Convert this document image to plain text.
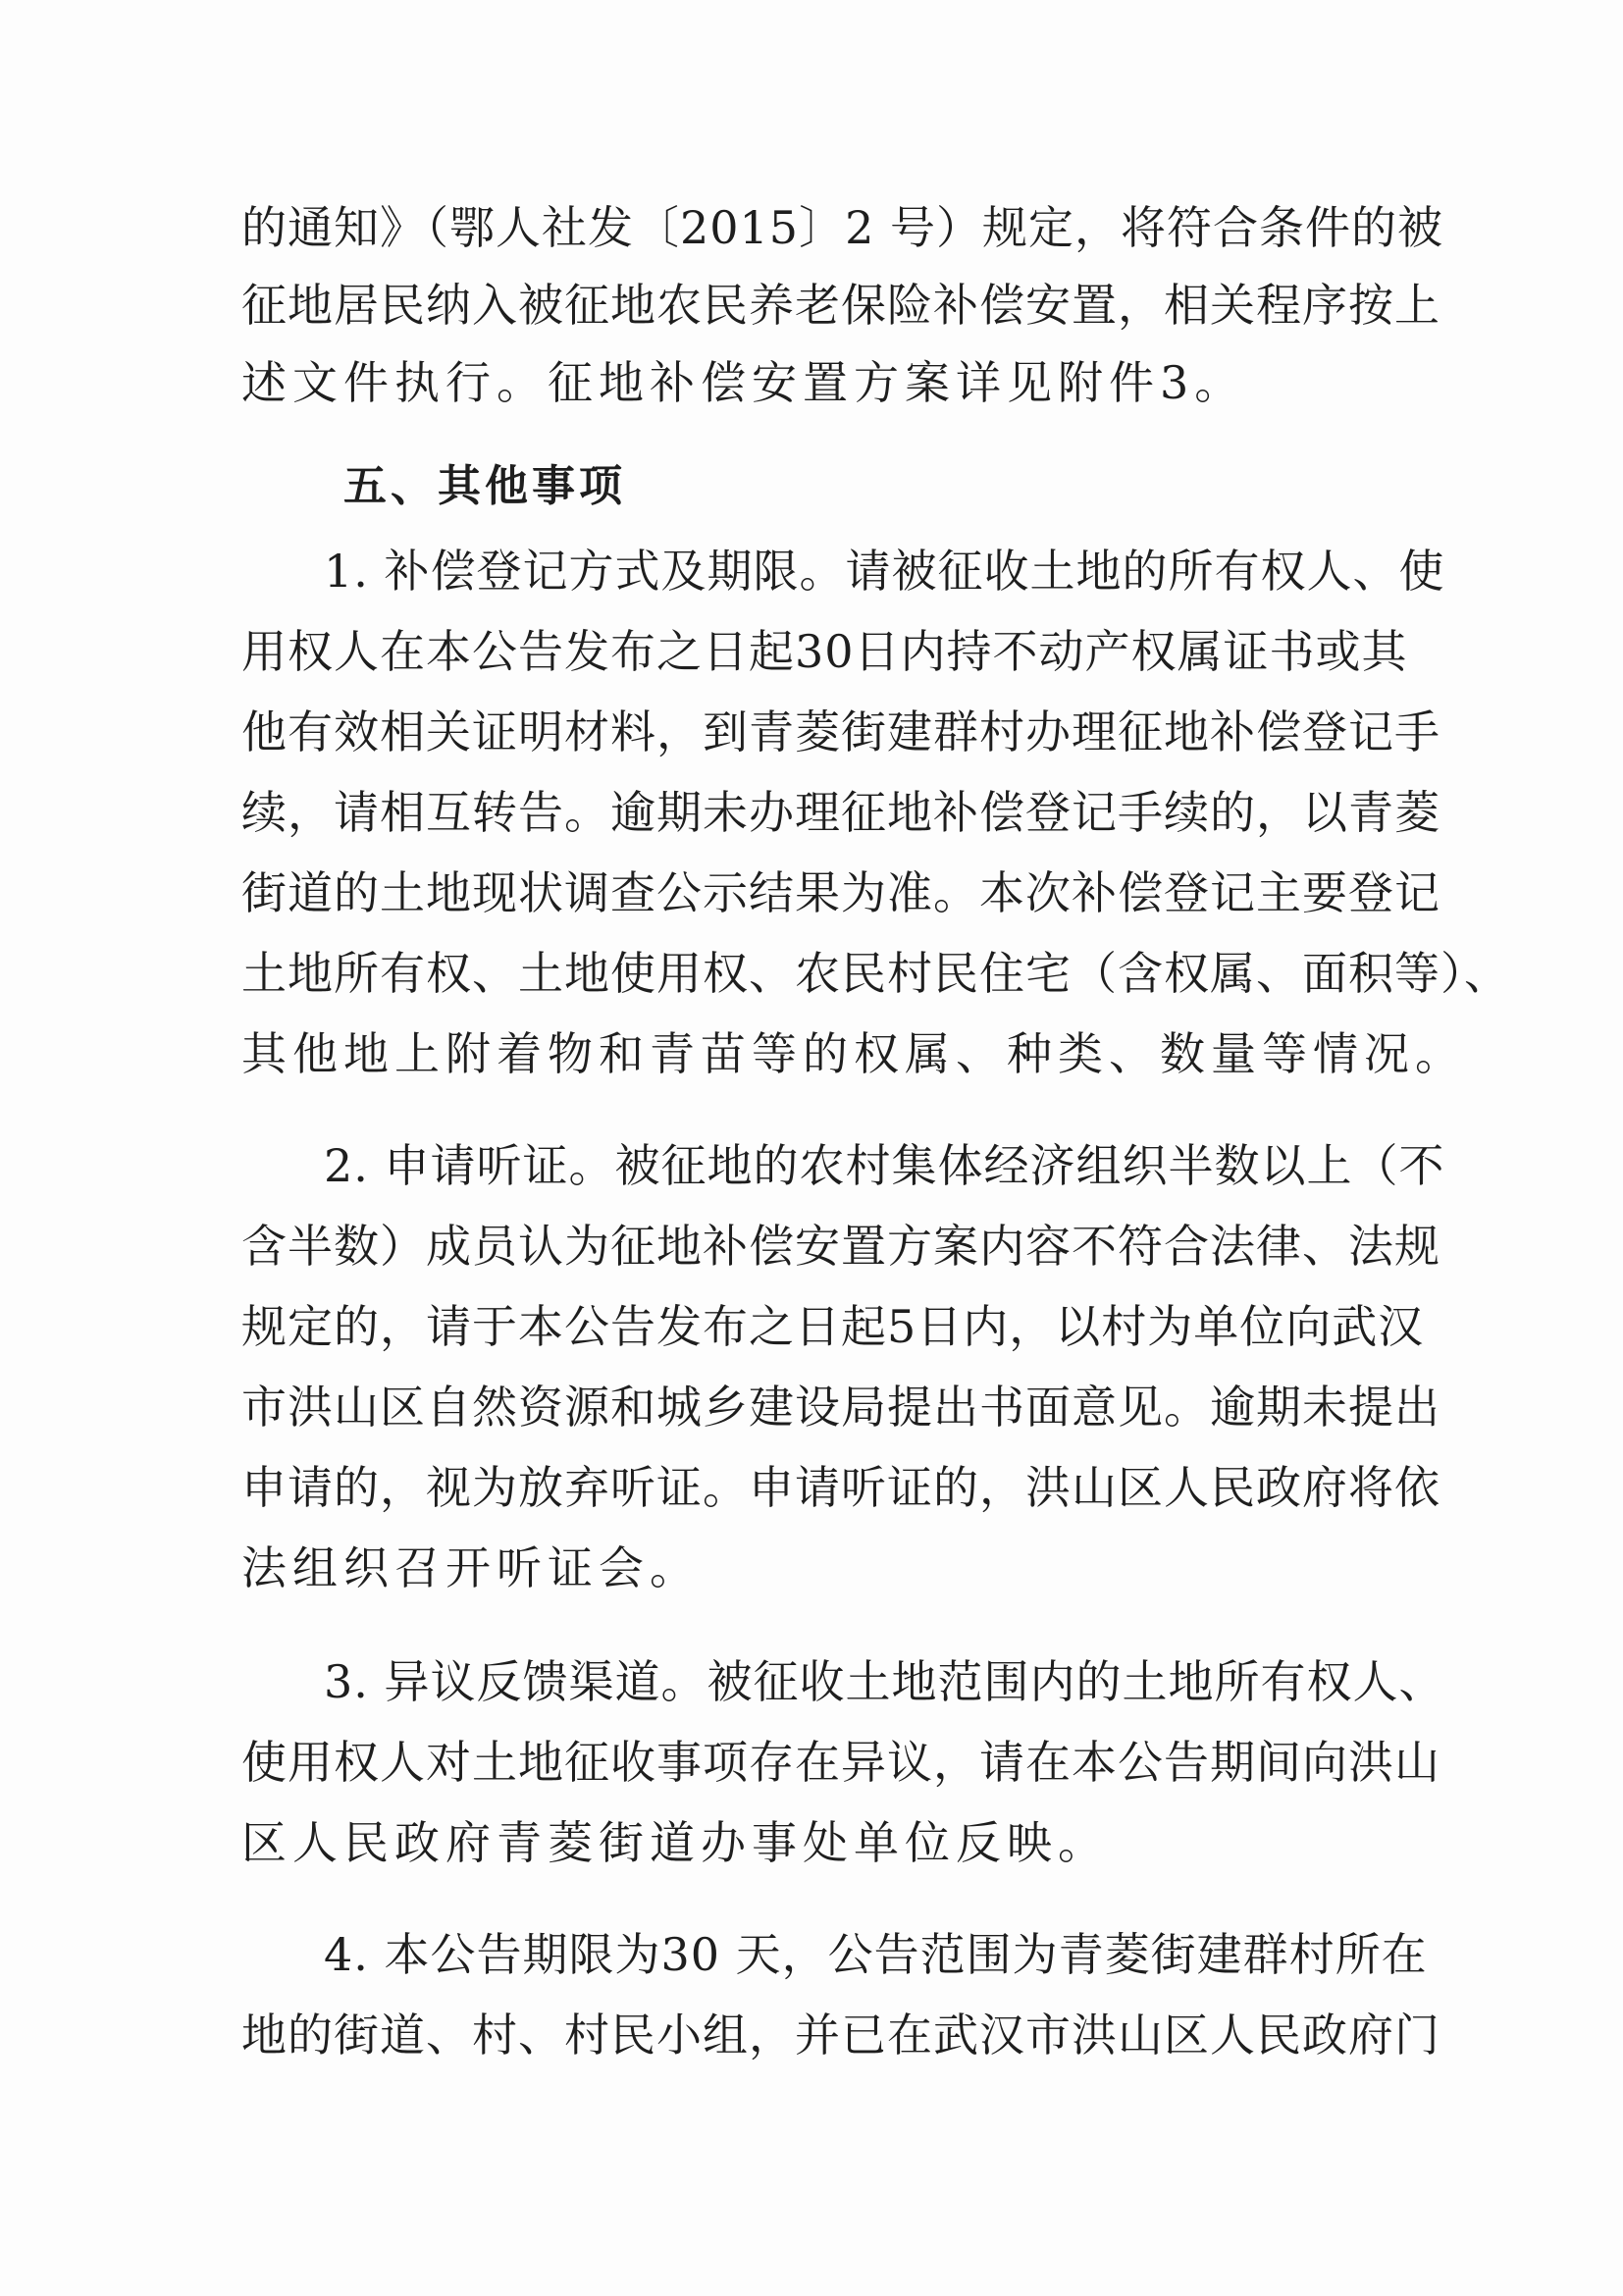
的通知》（鄂人社发〔2015〕2 号）规定，将符合条件的被
征地居民纳入被征地农民养老保险补偿安置，相关程序按上
述文件执行。征地补偿安置方案详见附件3。
五、其他事项
1. 补偿登记方式及期限。请被征收土地的所有权人、使
用权人在本公告发布之日起30日内持不动产权属证书或其
他有效相关证明材料，到青菱街建群村办理征地补偿登记手
续，请相互转告。逾期未办理征地补偿登记手续的，以青菱
街道的土地现状调查公示结果为准。本次补偿登记主要登记
土地所有权、土地使用权、农民村民住宅（含权属、面积等）、
其他地上附着物和青苗等的权属、种类、数量等情况。
2. 申请听证。被征地的农村集体经济组织半数以上（不
含半数）成员认为征地补偿安置方案内容不符合法律、法规
规定的，请于本公告发布之日起5日内，以村为单位向武汉
市洪山区自然资源和城乡建设局提出书面意见。逾期未提出
申请的，视为放弃听证。申请听证的，洪山区人民政府将依
法组织召开听证会。
3. 异议反馈渠道。被征收土地范围内的土地所有权人、
使用权人对土地征收事项存在异议，请在本公告期间向洪山
区人民政府青菱街道办事处单位反映。
4. 本公告期限为30 天，公告范围为青菱街建群村所在
地的街道、村、村民小组，并已在武汉市洪山区人民政府门
